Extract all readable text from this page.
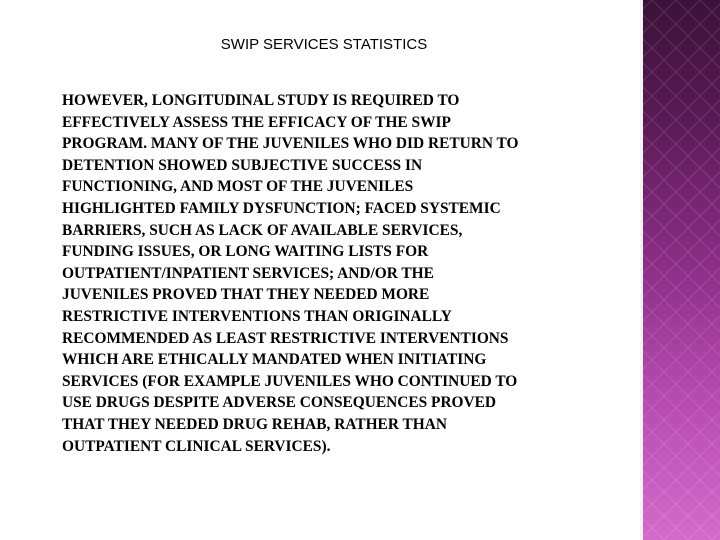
SWIP SERVICES STATISTICS

HOWEVER, LONGITUDINAL STUDY IS REQUIRED TO
EFFECTIVELY ASSESS THE EFFICACY OF THE SWIP
PROGRAM. MANY OF THE JUVENILES WHO DID RETURN TO
DETENTION SHOWED SUBJECTIVE SUCCESS IN
FUNCTIONING, AND MOST OF THE JUVENILES
HIGHLIGHTED FAMILY DYSFUNCTION; FACED SYSTEMIC
BARRIERS, SUCH AS LACK OF AVAILABLE SERVICES,
FUNDING ISSUES, OR LONG WAITING LISTS FOR
OUTPATIENT/INPATIENT SERVICES; AND/OR THE
JUVENILES PROVED THAT THEY NEEDED MORE
RESTRICTIVE INTERVENTIONS THAN ORIGINALLY
RECOMMENDED AS LEAST RESTRICTIVE INTERVENTIONS
WHICH ARE ETHICALLY MANDATED WHEN INITIATING
SERVICES (FOR EXAMPLE JUVENILES WHO CONTINUED TO
USE DRUGS DESPITE ADVERSE CONSEQUENCES PROVED
THAT THEY NEEDED DRUG REHAB, RATHER THAN
OUTPATIENT CLINICAL SERVICES).
